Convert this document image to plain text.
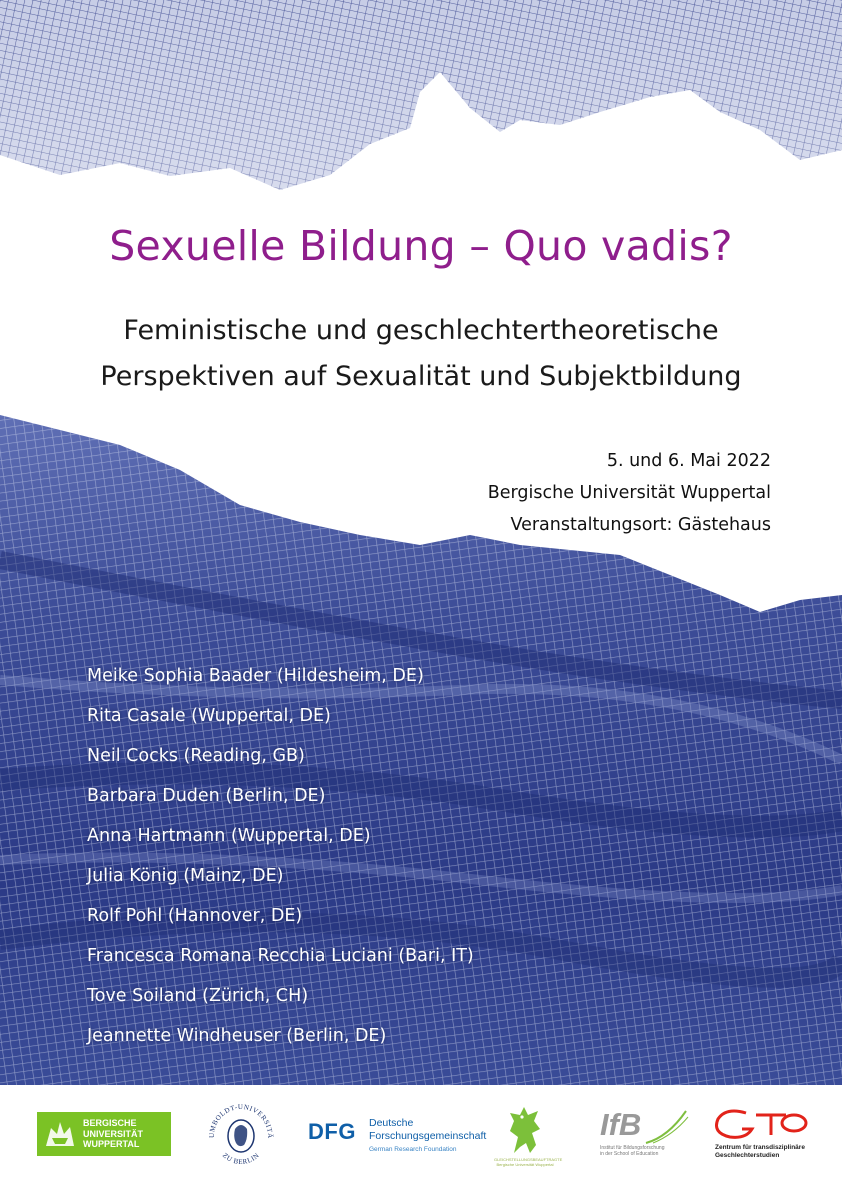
Sexuelle Bildung – Quo vadis?
Feministische und geschlechtertheoretische
Perspektiven auf Sexualität und Subjektbildung
5. und 6. Mai 2022
Bergische Universität Wuppertal
Veranstaltungsort: Gästehaus
Meike Sophia Baader (Hildesheim, DE)
Rita Casale (Wuppertal, DE)
Neil Cocks (Reading, GB)
Barbara Duden (Berlin, DE)
Anna Hartmann (Wuppertal, DE)
Julia König (Mainz, DE)
Rolf Pohl (Hannover, DE)
Francesca Romana Recchia Luciani (Bari, IT)
Tove Soiland (Zürich, CH)
Jeannette Windheuser (Berlin, DE)
BERGISCHE
UNIVERSITÄT
WUPPERTAL
UMBOLDT-UNIVERSITÄ
ZU BERLIN
DFG Deutsche
Forschungsgemeinschaft
German Research Foundation
GLEICHSTELLUNGSBEAUFTRAGTE
Bergische Universität Wuppertal
IfB
Institut für Bildungsforschung
in der School of Education
Zentrum für transdisziplinäre
Geschlechterstudien
